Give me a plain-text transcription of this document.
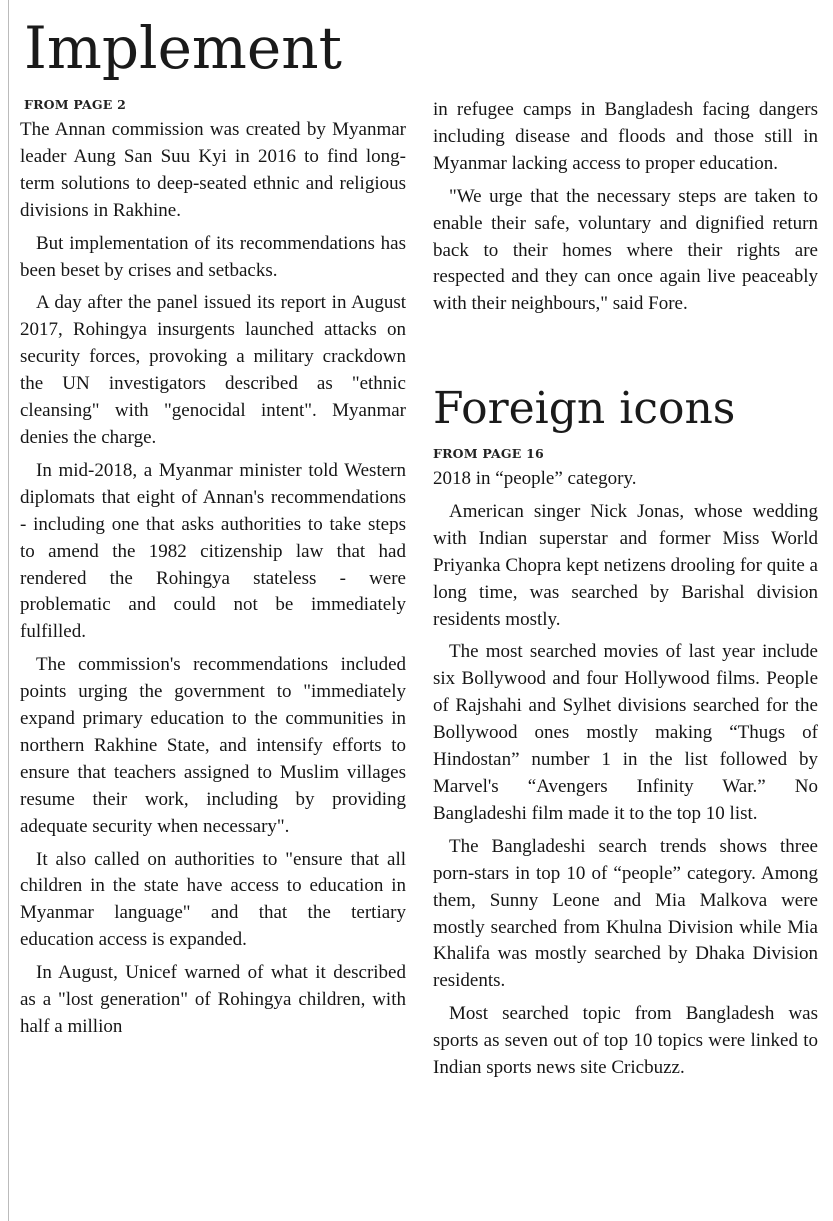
Implement
FROM PAGE 2

The Annan commission was created by Myanmar leader Aung San Suu Kyi in 2016 to find long-term solutions to deep-seated ethnic and religious divisions in Rakhine.

But implementation of its recommendations has been beset by crises and setbacks.

A day after the panel issued its report in August 2017, Rohingya insurgents launched attacks on security forces, provoking a military crackdown the UN investigators described as "ethnic cleansing" with "genocidal intent". Myanmar denies the charge.

In mid-2018, a Myanmar minister told Western diplomats that eight of Annan's recommendations - including one that asks authorities to take steps to amend the 1982 citizenship law that had rendered the Rohingya stateless - were problematic and could not be immediately fulfilled.

The commission's recommendations included points urging the government to "immediately expand primary education to the communities in northern Rakhine State, and intensify efforts to ensure that teachers assigned to Muslim villages resume their work, including by providing adequate security when necessary".

It also called on authorities to "ensure that all children in the state have access to education in Myanmar language" and that the tertiary education access is expanded.

In August, Unicef warned of what it described as a "lost generation" of Rohingya children, with half a million

in refugee camps in Bangladesh facing dangers including disease and floods and those still in Myanmar lacking access to proper education.

"We urge that the necessary steps are taken to enable their safe, voluntary and dignified return back to their homes where their rights are respected and they can once again live peaceably with their neighbours," said Fore.

Foreign icons
FROM PAGE 16

2018 in “people” category.

American singer Nick Jonas, whose wedding with Indian superstar and former Miss World Priyanka Chopra kept netizens drooling for quite a long time, was searched by Barishal division residents mostly.

The most searched movies of last year include six Bollywood and four Hollywood films. People of Rajshahi and Sylhet divisions searched for the Bollywood ones mostly making “Thugs of Hindostan” number 1 in the list followed by Marvel's “Avengers Infinity War.” No Bangladeshi film made it to the top 10 list.

The Bangladeshi search trends shows three porn-stars in top 10 of “people” category. Among them, Sunny Leone and Mia Malkova were mostly searched from Khulna Division while Mia Khalifa was mostly searched by Dhaka Division residents.

Most searched topic from Bangladesh was sports as seven out of top 10 topics were linked to Indian sports news site Cricbuzz.
